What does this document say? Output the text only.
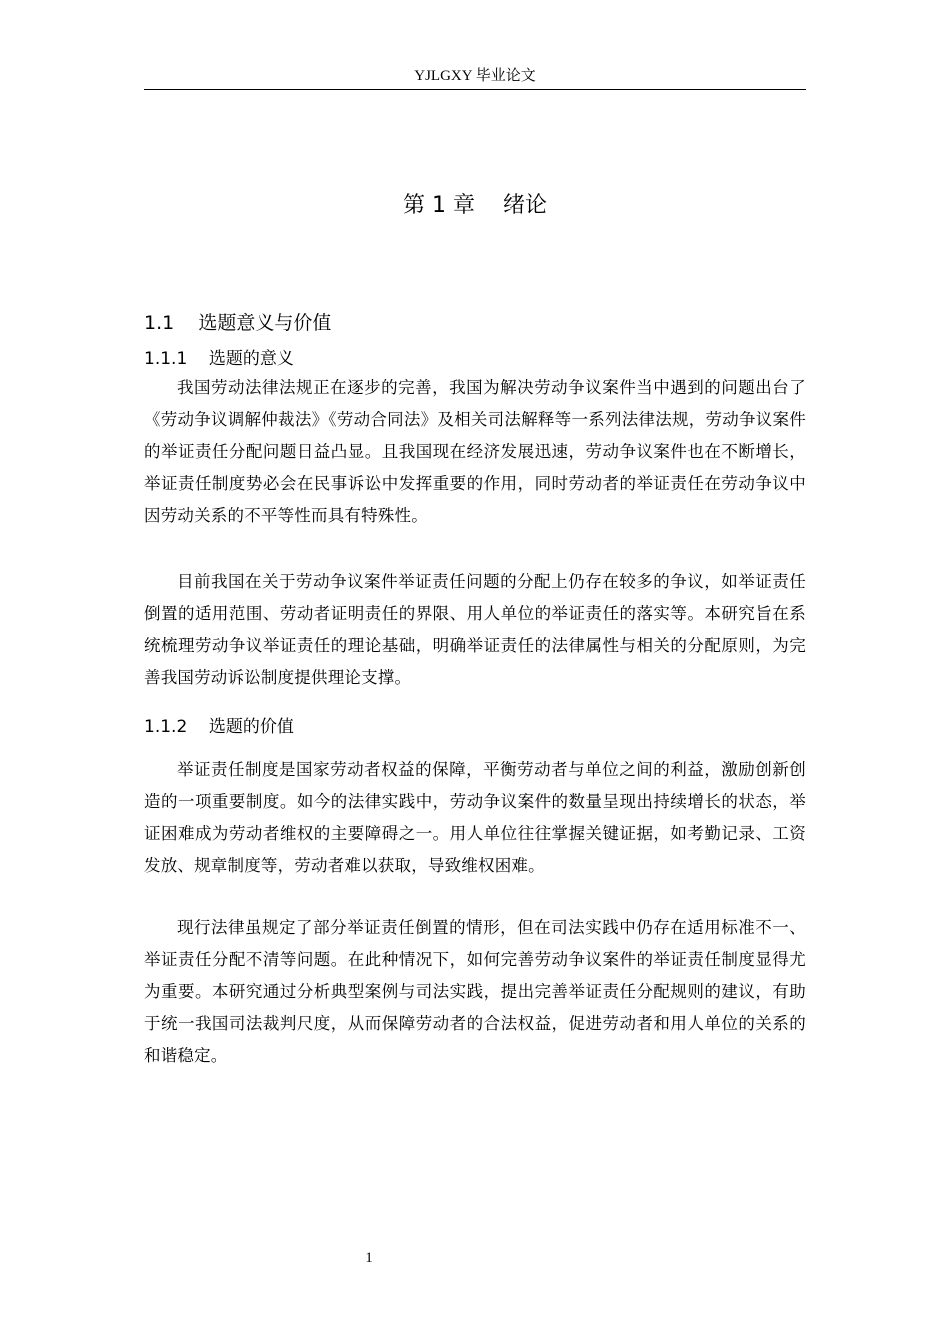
YJLGXY 毕业论文
第 1 章    绪论
1.1    选题意义与价值
1.1.1    选题的意义

我国劳动法律法规正在逐步的完善，我国为解决劳动争议案件当中遇到的问题出台了《劳动争议调解仲裁法》《劳动合同法》及相关司法解释等一系列法律法规，劳动争议案件的举证责任分配问题日益凸显。且我国现在经济发展迅速，劳动争议案件也在不断增长，举证责任制度势必会在民事诉讼中发挥重要的作用，同时劳动者的举证责任在劳动争议中因劳动关系的不平等性而具有特殊性。

目前我国在关于劳动争议案件举证责任问题的分配上仍存在较多的争议，如举证责任倒置的适用范围、劳动者证明责任的界限、用人单位的举证责任的落实等。本研究旨在系统梳理劳动争议举证责任的理论基础，明确举证责任的法律属性与相关的分配原则，为完善我国劳动诉讼制度提供理论支撑。

1.1.2    选题的价值

举证责任制度是国家劳动者权益的保障，平衡劳动者与单位之间的利益，激励创新创造的一项重要制度。如今的法律实践中，劳动争议案件的数量呈现出持续增长的状态，举证困难成为劳动者维权的主要障碍之一。用人单位往往掌握关键证据，如考勤记录、工资发放、规章制度等，劳动者难以获取，导致维权困难。

现行法律虽规定了部分举证责任倒置的情形，但在司法实践中仍存在适用标准不一、举证责任分配不清等问题。在此种情况下，如何完善劳动争议案件的举证责任制度显得尤为重要。本研究通过分析典型案例与司法实践，提出完善举证责任分配规则的建议，有助于统一我国司法裁判尺度，从而保障劳动者的合法权益，促进劳动者和用人单位的关系的和谐稳定。

1
